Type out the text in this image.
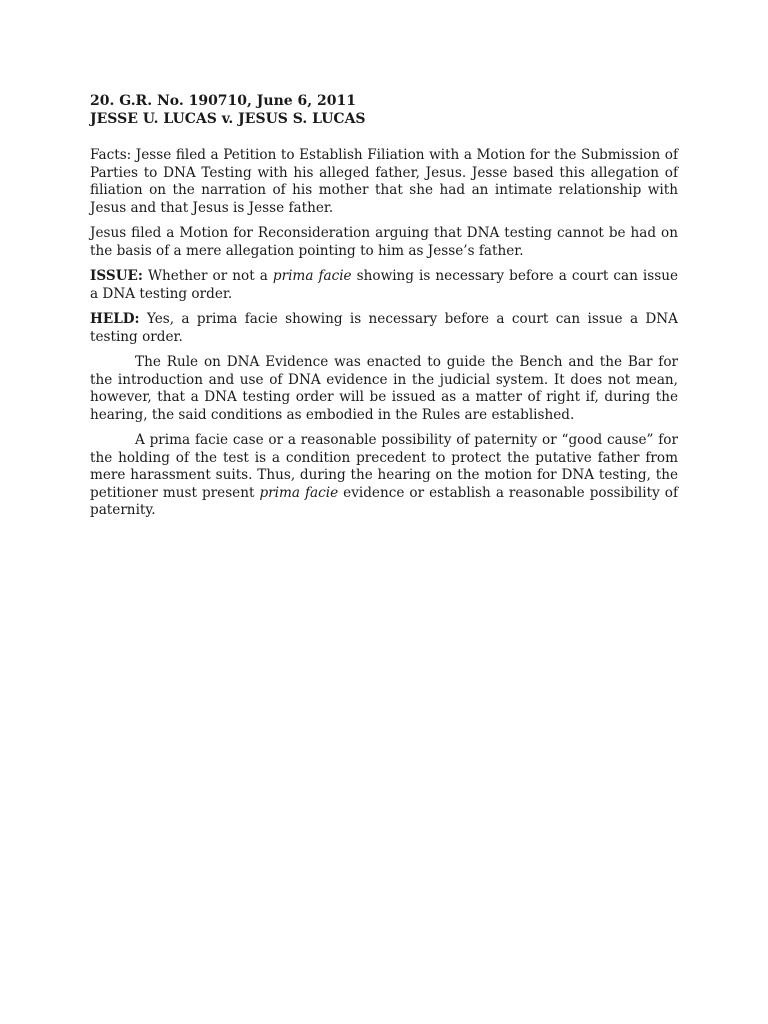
20. G.R. No. 190710, June 6, 2011

JESSE U. LUCAS v. JESUS S. LUCAS

Facts: Jesse filed a Petition to Establish Filiation with a Motion for the Submission of Parties to DNA Testing with his alleged father, Jesus. Jesse based this allegation of filiation on the narration of his mother that she had an intimate relationship with Jesus and that Jesus is Jesse father.

Jesus filed a Motion for Reconsideration arguing that DNA testing cannot be had on the basis of a mere allegation pointing to him as Jesse’s father.

ISSUE: Whether or not a prima facie showing is necessary before a court can issue a DNA testing order.

HELD: Yes, a prima facie showing is necessary before a court can issue a DNA testing order.

The Rule on DNA Evidence was enacted to guide the Bench and the Bar for the introduction and use of DNA evidence in the judicial system. It does not mean, however, that a DNA testing order will be issued as a matter of right if, during the hearing, the said conditions as embodied in the Rules are established.

A prima facie case or a reasonable possibility of paternity or “good cause” for the holding of the test is a condition precedent to protect the putative father from mere harassment suits. Thus, during the hearing on the motion for DNA testing, the petitioner must present prima facie evidence or establish a reasonable possibility of paternity.
